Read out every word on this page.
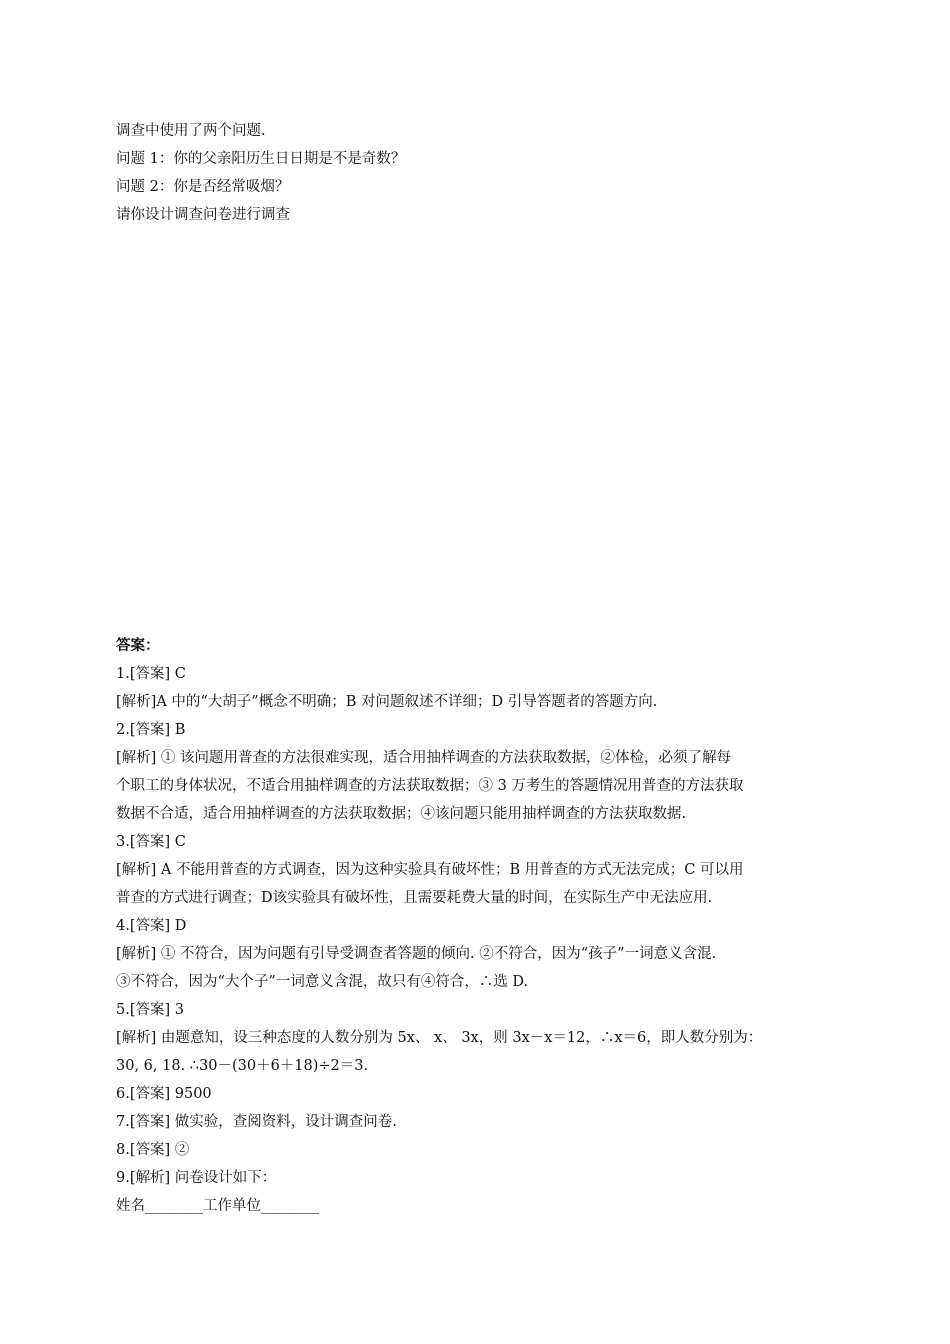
调查中使用了两个问题.
问题 1：你的父亲阳历生日日期是不是奇数？
问题 2：你是否经常吸烟？
请你设计调查问卷进行调查
答案：
1.[答案] C
[解析]A 中的“大胡子”概念不明确；B 对问题叙述不详细；D 引导答题者的答题方向.
2.[答案] B
[解析] ① 该问题用普查的方法很难实现，适合用抽样调查的方法获取数据，②体检，必须了解每
个职工的身体状况，不适合用抽样调查的方法获取数据；③ 3 万考生的答题情况用普查的方法获取
数据不合适，适合用抽样调查的方法获取数据；④该问题只能用抽样调查的方法获取数据.
3.[答案] C
[解析] A 不能用普查的方式调查，因为这种实验具有破坏性；B 用普查的方式无法完成；C 可以用
普查的方式进行调查；D该实验具有破坏性，且需要耗费大量的时间，在实际生产中无法应用.
4.[答案] D
[解析] ① 不符合，因为问题有引导受调查者答题的倾向. ②不符合，因为“孩子”一词意义含混.
③不符合，因为“大个子”一词意义含混，故只有④符合，∴选 D.
5.[答案] 3
[解析] 由题意知，设三种态度的人数分别为 5x、 x、 3x，则 3x－x＝12，∴x＝6，即人数分别为：
30, 6, 18. ∴30－(30＋6＋18)÷2＝3.
6.[答案] 9500
7.[答案] 做实验，查阅资料，设计调查问卷.
8.[答案] ②
9.[解析] 问卷设计如下：
姓名________工作单位________
